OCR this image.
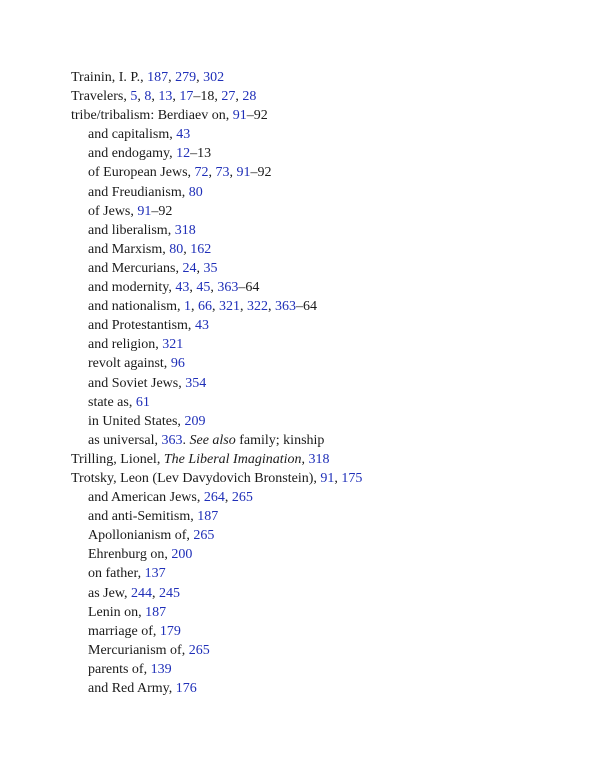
Trainin, I. P., 187, 279, 302
Travelers, 5, 8, 13, 17–18, 27, 28
tribe/tribalism: Berdiaev on, 91–92
and capitalism, 43
and endogamy, 12–13
of European Jews, 72, 73, 91–92
and Freudianism, 80
of Jews, 91–92
and liberalism, 318
and Marxism, 80, 162
and Mercurians, 24, 35
and modernity, 43, 45, 363–64
and nationalism, 1, 66, 321, 322, 363–64
and Protestantism, 43
and religion, 321
revolt against, 96
and Soviet Jews, 354
state as, 61
in United States, 209
as universal, 363. See also family; kinship
Trilling, Lionel, The Liberal Imagination, 318
Trotsky, Leon (Lev Davydovich Bronstein), 91, 175
and American Jews, 264, 265
and anti-Semitism, 187
Apollonianism of, 265
Ehrenburg on, 200
on father, 137
as Jew, 244, 245
Lenin on, 187
marriage of, 179
Mercurianism of, 265
parents of, 139
and Red Army, 176
